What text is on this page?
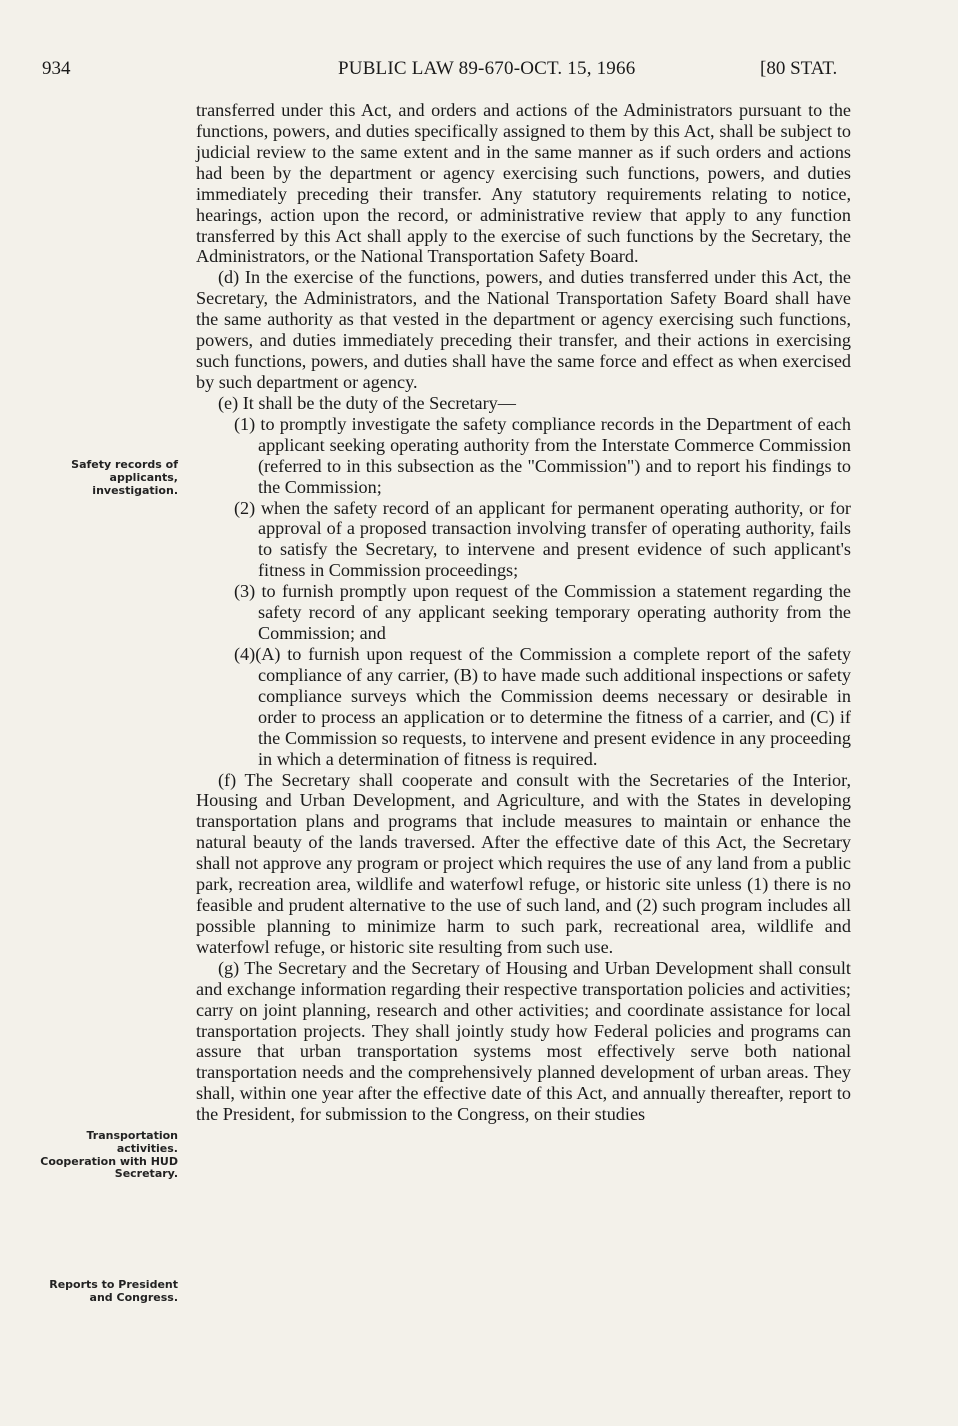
934	PUBLIC LAW 89-670-OCT. 15, 1966	[80 STAT.
Safety records of applicants, investigation.
Transportation activities. Cooperation with HUD Secretary.
Reports to President and Congress.

transferred under this Act, and orders and actions of the Administrators pursuant to the functions, powers, and duties specifically assigned to them by this Act, shall be subject to judicial review to the same extent and in the same manner as if such orders and actions had been by the department or agency exercising such functions, powers, and duties immediately preceding their transfer. Any statutory requirements relating to notice, hearings, action upon the record, or administrative review that apply to any function transferred by this Act shall apply to the exercise of such functions by the Secretary, the Administrators, or the National Transportation Safety Board.

(d) In the exercise of the functions, powers, and duties transferred under this Act, the Secretary, the Administrators, and the National Transportation Safety Board shall have the same authority as that vested in the department or agency exercising such functions, powers, and duties immediately preceding their transfer, and their actions in exercising such functions, powers, and duties shall have the same force and effect as when exercised by such department or agency.

(e) It shall be the duty of the Secretary—

(1) to promptly investigate the safety compliance records in the Department of each applicant seeking operating authority from the Interstate Commerce Commission (referred to in this subsection as the "Commission") and to report his findings to the Commission;

(2) when the safety record of an applicant for permanent operating authority, or for approval of a proposed transaction involving transfer of operating authority, fails to satisfy the Secretary, to intervene and present evidence of such applicant's fitness in Commission proceedings;

(3) to furnish promptly upon request of the Commission a statement regarding the safety record of any applicant seeking temporary operating authority from the Commission; and

(4)(A) to furnish upon request of the Commission a complete report of the safety compliance of any carrier, (B) to have made such additional inspections or safety compliance surveys which the Commission deems necessary or desirable in order to process an application or to determine the fitness of a carrier, and (C) if the Commission so requests, to intervene and present evidence in any proceeding in which a determination of fitness is required.

(f) The Secretary shall cooperate and consult with the Secretaries of the Interior, Housing and Urban Development, and Agriculture, and with the States in developing transportation plans and programs that include measures to maintain or enhance the natural beauty of the lands traversed. After the effective date of this Act, the Secretary shall not approve any program or project which requires the use of any land from a public park, recreation area, wildlife and waterfowl refuge, or historic site unless (1) there is no feasible and prudent alternative to the use of such land, and (2) such program includes all possible planning to minimize harm to such park, recreational area, wildlife and waterfowl refuge, or historic site resulting from such use.

(g) The Secretary and the Secretary of Housing and Urban Development shall consult and exchange information regarding their respective transportation policies and activities; carry on joint planning, research and other activities; and coordinate assistance for local transportation projects. They shall jointly study how Federal policies and programs can assure that urban transportation systems most effectively serve both national transportation needs and the comprehensively planned development of urban areas. They shall, within one year after the effective date of this Act, and annually thereafter, report to the President, for submission to the Congress, on their studies
